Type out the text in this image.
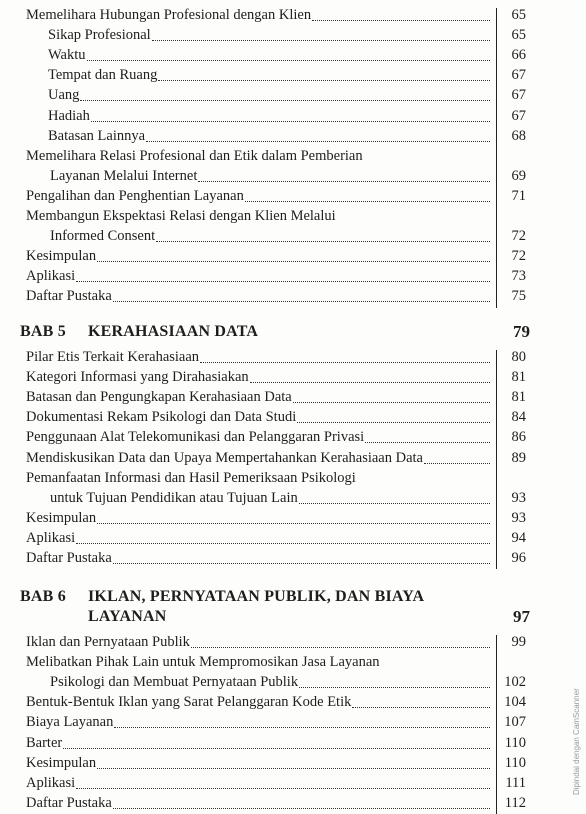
Memelihara Hubungan Profesional dengan Klien	65
Sikap Profesional	65
Waktu	66
Tempat dan Ruang	67
Uang	67
Hadiah	67
Batasan Lainnya	68
Memelihara Relasi Profesional dan Etik dalam Pemberian
Layanan Melalui Internet	69
Pengalihan dan Penghentian Layanan	71
Membangun Ekspektasi Relasi dengan Klien Melalui
Informed Consent	72
Kesimpulan	72
Aplikasi	73
Daftar Pustaka	75
BAB 5 KERAHASIAAN DATA	79
Pilar Etis Terkait Kerahasiaan	80
Kategori Informasi yang Dirahasiakan	81
Batasan dan Pengungkapan Kerahasiaan Data	81
Dokumentasi Rekam Psikologi dan Data Studi	84
Penggunaan Alat Telekomunikasi dan Pelanggaran Privasi	86
Mendiskusikan Data dan Upaya Mempertahankan Kerahasiaan Data	89
Pemanfaatan Informasi dan Hasil Pemeriksaan Psikologi
untuk Tujuan Pendidikan atau Tujuan Lain	93
Kesimpulan	93
Aplikasi	94
Daftar Pustaka	96
BAB 6 IKLAN, PERNYATAAN PUBLIK, DAN BIAYA
LAYANAN	97
Iklan dan Pernyataan Publik	99
Melibatkan Pihak Lain untuk Mempromosikan Jasa Layanan
Psikologi dan Membuat Pernyataan Publik	102
Bentuk-Bentuk Iklan yang Sarat Pelanggaran Kode Etik	104
Biaya Layanan	107
Barter	110
Kesimpulan	110
Aplikasi	111
Daftar Pustaka	112
Dipindai dengan CamScanner
